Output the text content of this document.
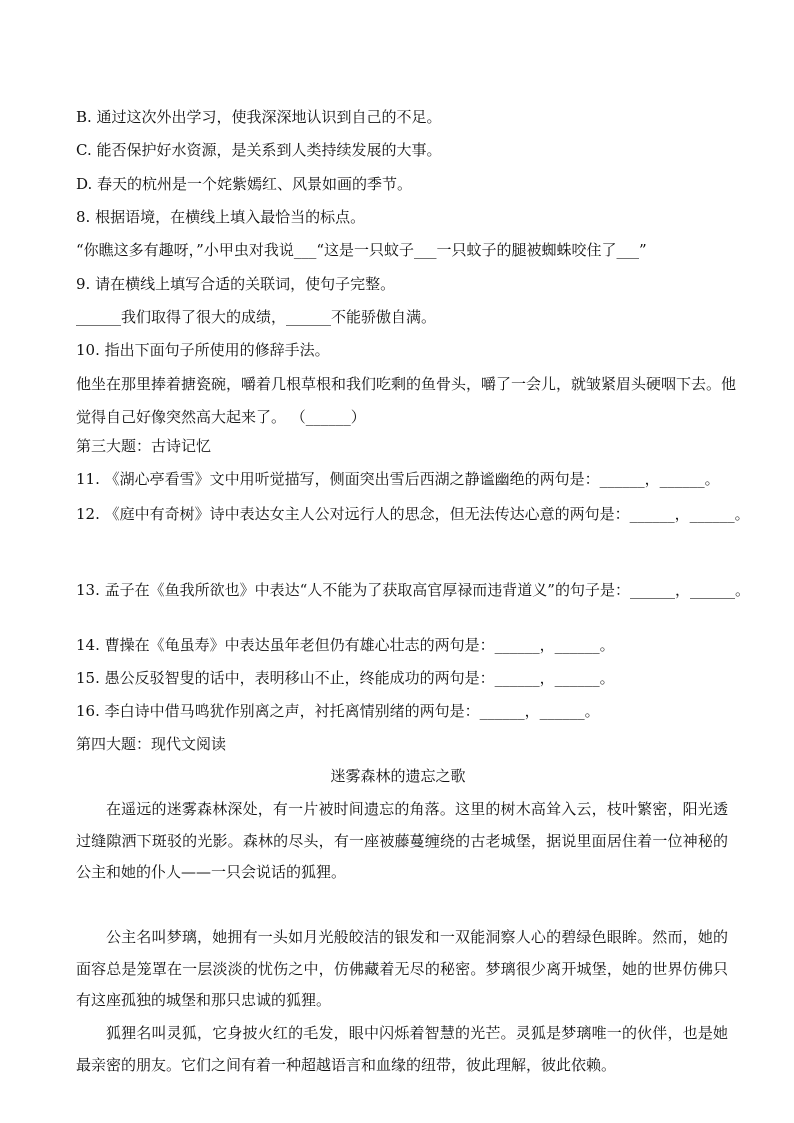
B. 通过这次外出学习，使我深深地认识到自己的不足。
C. 能否保护好水资源，是关系到人类持续发展的大事。
D. 春天的杭州是一个姹紫嫣红、风景如画的季节。
8. 根据语境，在横线上填入最恰当的标点。
“你瞧这多有趣呀，”小甲虫对我说___“这是一只蚊子___一只蚊子的腿被蜘蛛咬住了___”
9. 请在横线上填写合适的关联词，使句子完整。
______我们取得了很大的成绩，______不能骄傲自满。
10. 指出下面句子所使用的修辞手法。
他坐在那里捧着搪瓷碗，嚼着几根草根和我们吃剩的鱼骨头，嚼了一会儿，就皱紧眉头硬咽下去。他觉得自己好像突然高大起来了。 （______）
第三大题：古诗记忆
11. 《湖心亭看雪》文中用听觉描写，侧面突出雪后西湖之静谧幽绝的两句是：______，______。
12. 《庭中有奇树》诗中表达女主人公对远行人的思念，但无法传达心意的两句是：______，______。
13. 孟子在《鱼我所欲也》中表达“人不能为了获取高官厚禄而违背道义”的句子是：______，______。
14. 曹操在《龟虽寿》中表达虽年老但仍有雄心壮志的两句是：______，______。
15. 愚公反驳智叟的话中，表明移山不止，终能成功的两句是：______，______。
16. 李白诗中借马鸣犹作别离之声，衬托离情别绪的两句是：______，______。
第四大题：现代文阅读
迷雾森林的遗忘之歌
在遥远的迷雾森林深处，有一片被时间遗忘的角落。这里的树木高耸入云，枝叶繁密，阳光透过缝隙洒下斑驳的光影。森林的尽头，有一座被藤蔓缠绕的古老城堡，据说里面居住着一位神秘的公主和她的仆人——一只会说话的狐狸。
公主名叫梦璃，她拥有一头如月光般皎洁的银发和一双能洞察人心的碧绿色眼眸。然而，她的面容总是笼罩在一层淡淡的忧伤之中，仿佛藏着无尽的秘密。梦璃很少离开城堡，她的世界仿佛只有这座孤独的城堡和那只忠诚的狐狸。
狐狸名叫灵狐，它身披火红的毛发，眼中闪烁着智慧的光芒。灵狐是梦璃唯一的伙伴，也是她最亲密的朋友。它们之间有着一种超越语言和血缘的纽带，彼此理解，彼此依赖。
